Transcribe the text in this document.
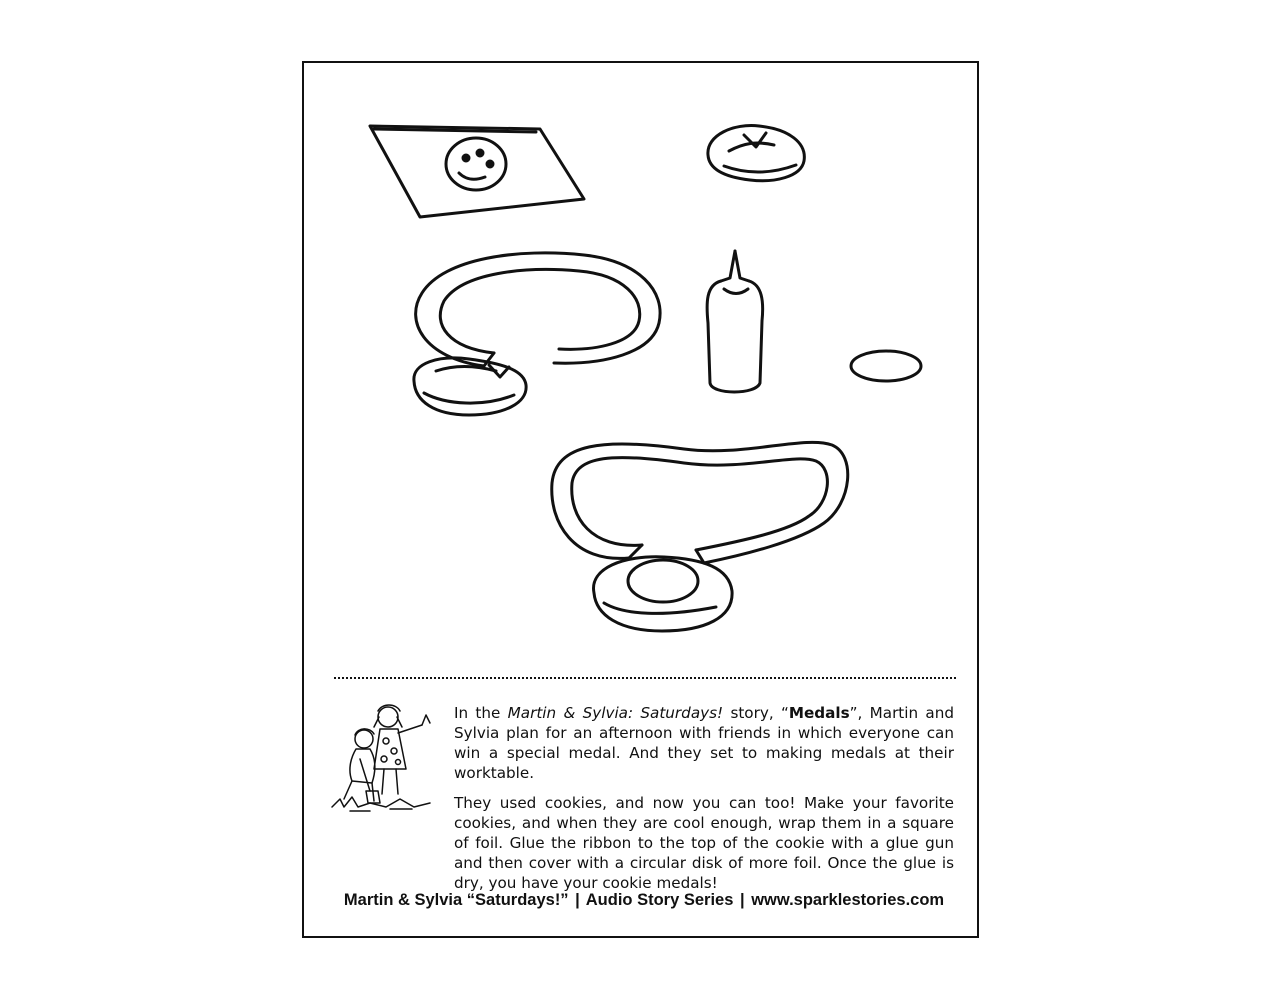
In the Martin & Sylvia: Saturdays! story, “Medals”, Martin and Sylvia plan for an afternoon with friends in which everyone can win a special medal. And they set to making medals at their worktable.

They used cookies, and now you can too! Make your favorite cookies, and when they are cool enough, wrap them in a square of foil. Glue the ribbon to the top of the cookie with a glue gun and then cover with a circular disk of more foil. Once the glue is dry, you have your cookie medals!

Martin & Sylvia “Saturdays!” | Audio Story Series | www.sparklestories.com
